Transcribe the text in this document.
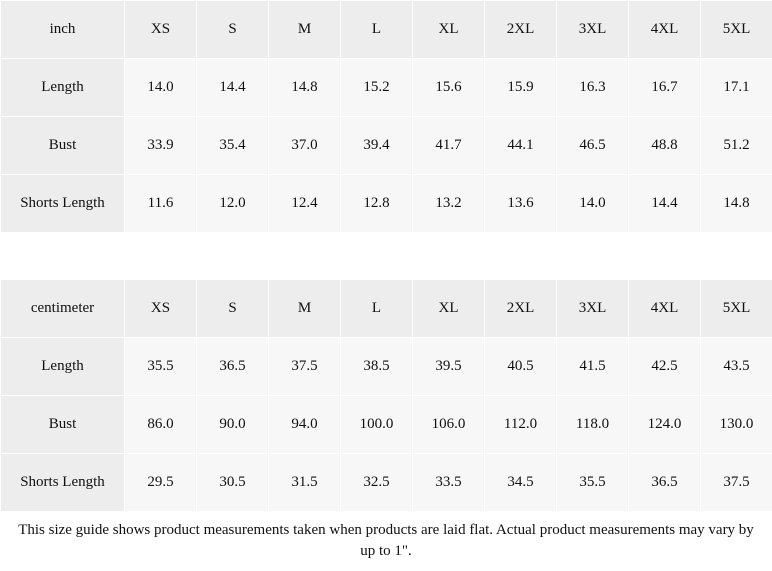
inch	XS	S	M	L	XL	2XL	3XL	4XL	5XL
Length	14.0	14.4	14.8	15.2	15.6	15.9	16.3	16.7	17.1
Bust	33.9	35.4	37.0	39.4	41.7	44.1	46.5	48.8	51.2
Shorts Length	11.6	12.0	12.4	12.8	13.2	13.6	14.0	14.4	14.8
centimeter	XS	S	M	L	XL	2XL	3XL	4XL	5XL
Length	35.5	36.5	37.5	38.5	39.5	40.5	41.5	42.5	43.5
Bust	86.0	90.0	94.0	100.0	106.0	112.0	118.0	124.0	130.0
Shorts Length	29.5	30.5	31.5	32.5	33.5	34.5	35.5	36.5	37.5
This size guide shows product measurements taken when products are laid flat. Actual product measurements may vary by up to 1".
